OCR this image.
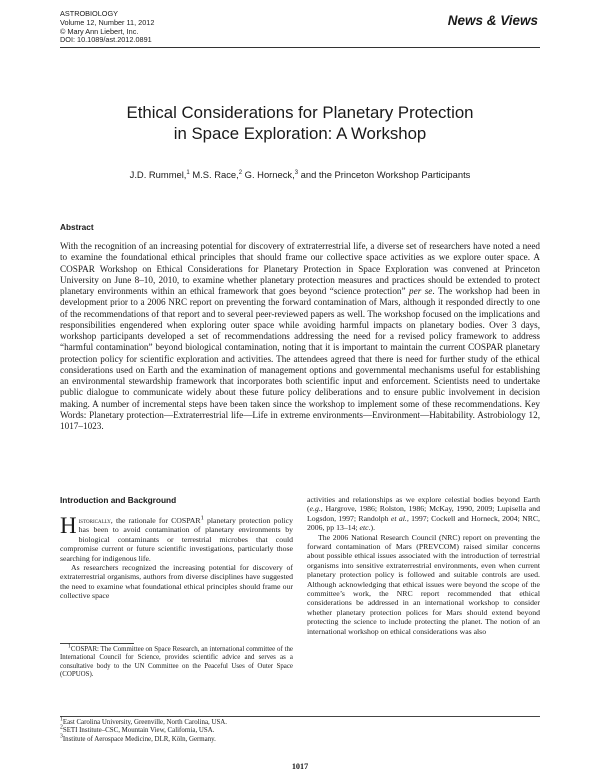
ASTROBIOLOGY
Volume 12, Number 11, 2012
© Mary Ann Liebert, Inc.
DOI: 10.1089/ast.2012.0891
News & Views
Ethical Considerations for Planetary Protection
in Space Exploration: A Workshop
J.D. Rummel,$^1$ M.S. Race,$^2$ G. Horneck,$^3$ and the Princeton Workshop Participants
Abstract
With the recognition of an increasing potential for discovery of extraterrestrial life, a diverse set of researchers have noted a need to examine the foundational ethical principles that should frame our collective space activities as we explore outer space. A COSPAR Workshop on Ethical Considerations for Planetary Protection in Space Exploration was convened at Princeton University on June 8–10, 2010, to examine whether planetary protection measures and practices should be extended to protect planetary environments within an ethical framework that goes beyond “science protection” per se. The workshop had been in development prior to a 2006 NRC report on preventing the forward contamination of Mars, although it responded directly to one of the recommendations of that report and to several peer-reviewed papers as well. The workshop focused on the implications and responsibilities engendered when exploring outer space while avoiding harmful impacts on planetary bodies. Over 3 days, workshop participants developed a set of recommendations addressing the need for a revised policy framework to address “harmful contamination” beyond biological contamination, noting that it is important to maintain the current COSPAR planetary protection policy for scientific exploration and activities. The attendees agreed that there is need for further study of the ethical considerations used on Earth and the examination of management options and governmental mechanisms useful for establishing an environmental stewardship framework that incorporates both scientific input and enforcement. Scientists need to undertake public dialogue to communicate widely about these future policy deliberations and to ensure public involvement in decision making. A number of incremental steps have been taken since the workshop to implement some of these recommendations. Key Words: Planetary protection—Extraterrestrial life—Life in extreme environments—Environment—Habitability. Astrobiology 12, 1017–1023.
Introduction and Background

Historically, the rationale for COSPAR$^1$ planetary protection policy has been to avoid contamination of planetary environments by biological contaminants or terrestrial microbes that could compromise current or future scientific investigations, particularly those searching for indigenous life.

As researchers recognized the increasing potential for discovery of extraterrestrial organisms, authors from diverse disciplines have suggested the need to examine what foundational ethical principles should frame our collective space

activities and relationships as we explore celestial bodies beyond Earth (e.g., Hargrove, 1986; Rolston, 1986; McKay, 1990, 2009; Lupisella and Logsdon, 1997; Randolph et al., 1997; Cockell and Horneck, 2004; NRC, 2006, pp 13–14; etc.).

The 2006 National Research Council (NRC) report on preventing the forward contamination of Mars (PREVCOM) raised similar concerns about possible ethical issues associated with the introduction of terrestrial organisms into sensitive extraterrestrial environments, even when current planetary protection policy is followed and suitable controls are used. Although acknowledging that ethical issues were beyond the scope of the committee’s work, the NRC report recommended that ethical considerations be addressed in an international workshop to consider whether planetary protection polices for Mars should extend beyond protecting the science to include protecting the planet. The notion of an international workshop on ethical considerations was also

$^1$COSPAR: The Committee on Space Research, an international committee of the International Council for Science, provides scientific advice and serves as a consultative body to the UN Committee on the Peaceful Uses of Outer Space (COPUOS).

$^1$East Carolina University, Greenville, North Carolina, USA.
$^2$SETI Institute–CSC, Mountain View, California, USA.
$^3$Institute of Aerospace Medicine, DLR, Köln, Germany.
1017
